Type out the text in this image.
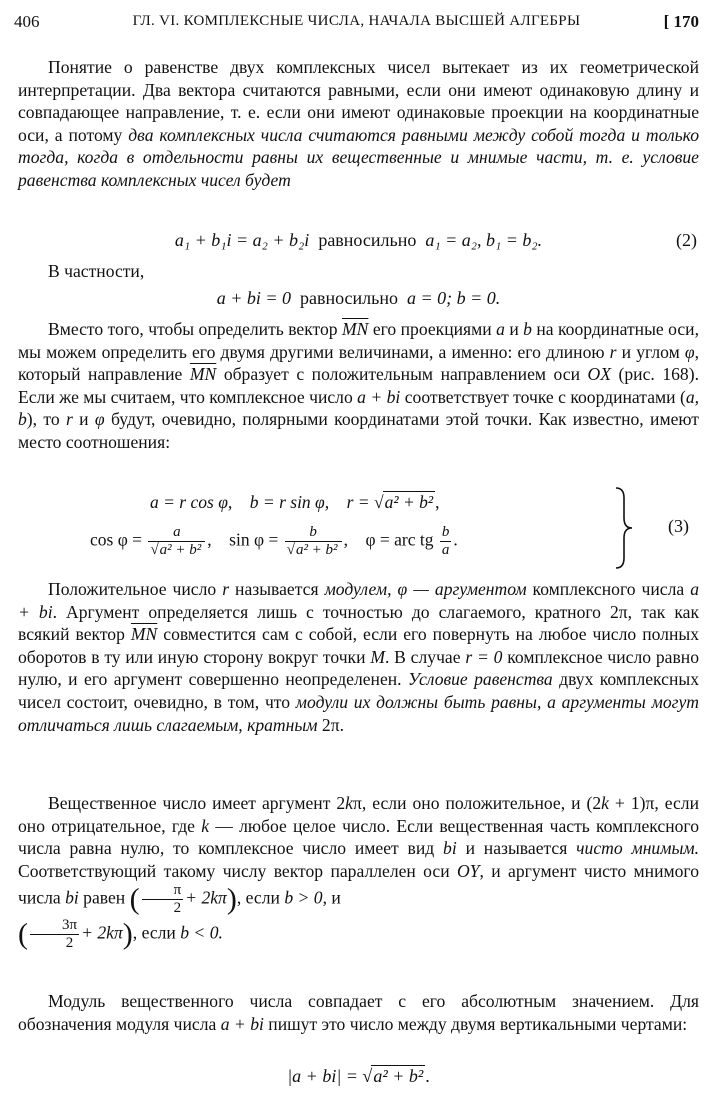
406	ГЛ. VI. КОМПЛЕКСНЫЕ ЧИСЛА, НАЧАЛА ВЫСШЕЙ АЛГЕБРЫ	[ 170
Понятие о равенстве двух комплексных чисел вытекает из их геометрической интерпретации. Два вектора считаются равными, если они имеют одинаковую длину и совпадающее направление, т. е. если они имеют одинаковые проекции на координатные оси, а потому два комплексных числа считаются равными между собой тогда и только тогда, когда в отдельности равны их вещественные и мнимые части, т. е. условие равенства комплексных чисел будет
a₁ + b₁i = a₂ + b₂i равносильно a₁ = a₂, b₁ = b₂.	(2)
В частности,
a + bi = 0 равносильно a = 0; b = 0.
Вместо того, чтобы определить вектор $\overline{MN}$ его проекциями a и b на координатные оси, мы можем определить его двумя другими величинами, а именно: его длиною r и углом φ, который направление $\overline{MN}$ образует с положительным направлением оси OX (рис. 168). Если же мы считаем, что комплексное число a + bi соответствует точке с координатами (a, b), то r и φ будут, очевидно, полярными координатами этой точки. Как известно, имеют место соотношения:
a = r cos φ, b = r sin φ, r = √a² + b² ,
$\cos \varphi = \frac{a}{\text{√a² + b²}}$ ,    $\sin \varphi = \frac{b}{\text{√a² + b²}}$ ,    φ = arc tg $\frac{b}{a}$ .
(3)
Положительное число r называется модулем, φ — аргументом комплексного числа a + bi. Аргумент определяется лишь с точностью до слагаемого, кратного 2π, так как всякий вектор $\overline{MN}$ совместится сам с собой, если его повернуть на любое число полных оборотов в ту или иную сторону вокруг точки M. В случае r = 0 комплексное число равно нулю, и его аргумент совершенно неопределенен. Условие равенства двух комплексных чисел состоит, очевидно, в том, что модули их должны быть равны, а аргументы могут отличаться лишь слагаемым, кратным 2π.
Вещественное число имеет аргумент 2kπ, если оно положительное, и (2k + 1)π, если оно отрицательное, где k — любое целое число. Если вещественная часть комплексного числа равна нулю, то комплексное число имеет вид bi и называется чисто мнимым. Соответствующий такому числу вектор параллелен оси OY, и аргумент чисто мнимого числа bi равен ( $\frac{\pi}{2} + 2k\pi$), если b > 0, и
( $\frac{3\pi}{2} + 2k\pi$), если b < 0.
Модуль вещественного числа совпадает с его абсолютным значением. Для обозначения модуля числа a + bi пишут это число между двумя вертикальными чертами:
|a + bi| = √a² + b² .
